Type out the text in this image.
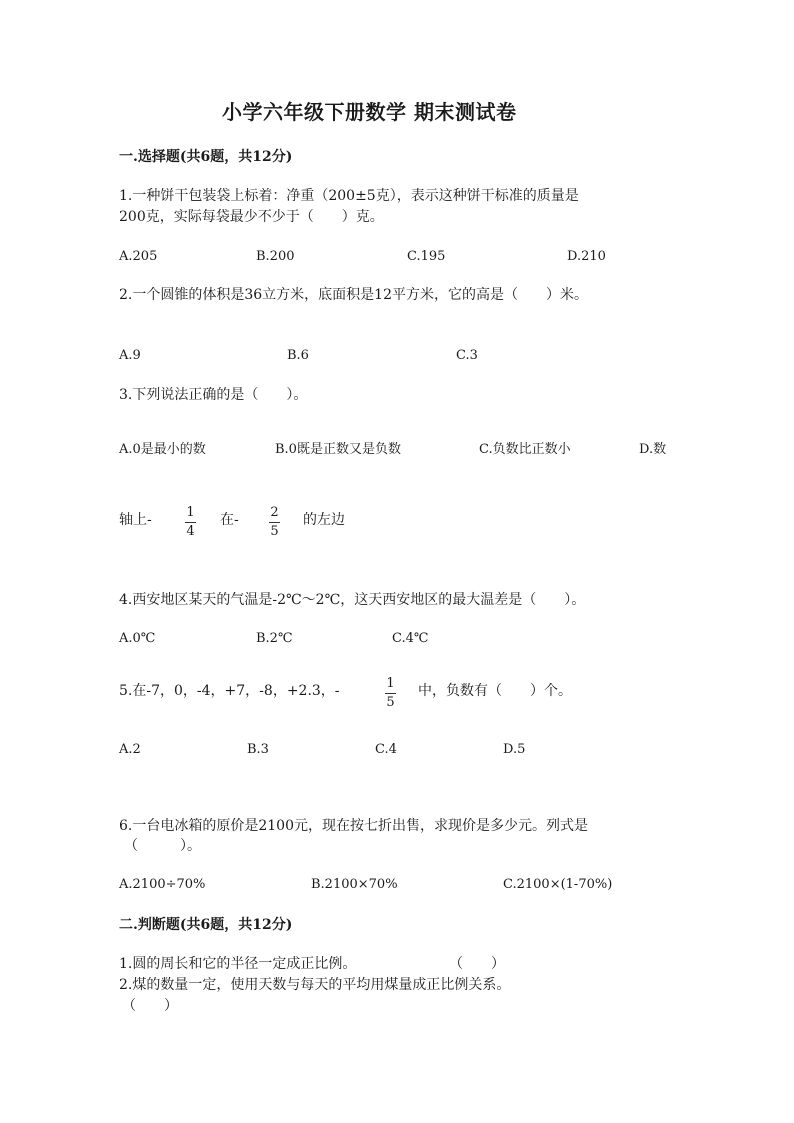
小学六年级下册数学 期末测试卷
一.选择题(共6题，共12分)
1.一种饼干包装袋上标着：净重（200±5克），表示这种饼干标准的质量是
200克，实际每袋最少不少于（　　）克。
A.205	B.200	C.195	D.210
2.一个圆锥的体积是36立方米，底面积是12平方米，它的高是（　　）米。
A.9	B.6	C.3
3.下列说法正确的是（　　）。
A.0是最小的数	B.0既是正数又是负数	C.负数比正数小	D.数
轴上-	1
4
在- 2
5
的左边
4.西安地区某天的气温是-2℃～2℃，这天西安地区的最大温差是（　　）。
A.0℃	B.2℃	C.4℃
5.在-7，0，-4，+7，-8，+2.3，-	1
5
中，负数有（　　）个。
A.2	B.3	C.4	D.5
6.一台电冰箱的原价是2100元，现在按七折出售，求现价是多少元。列式是
（　　　）。
A.2100÷70%	B.2100×70%	C.2100×(1-70%)
二.判断题(共6题，共12分)
1.圆的周长和它的半径一定成正比例。	（　　）
2.煤的数量一定，使用天数与每天的平均用煤量成正比例关系。
（　　）
